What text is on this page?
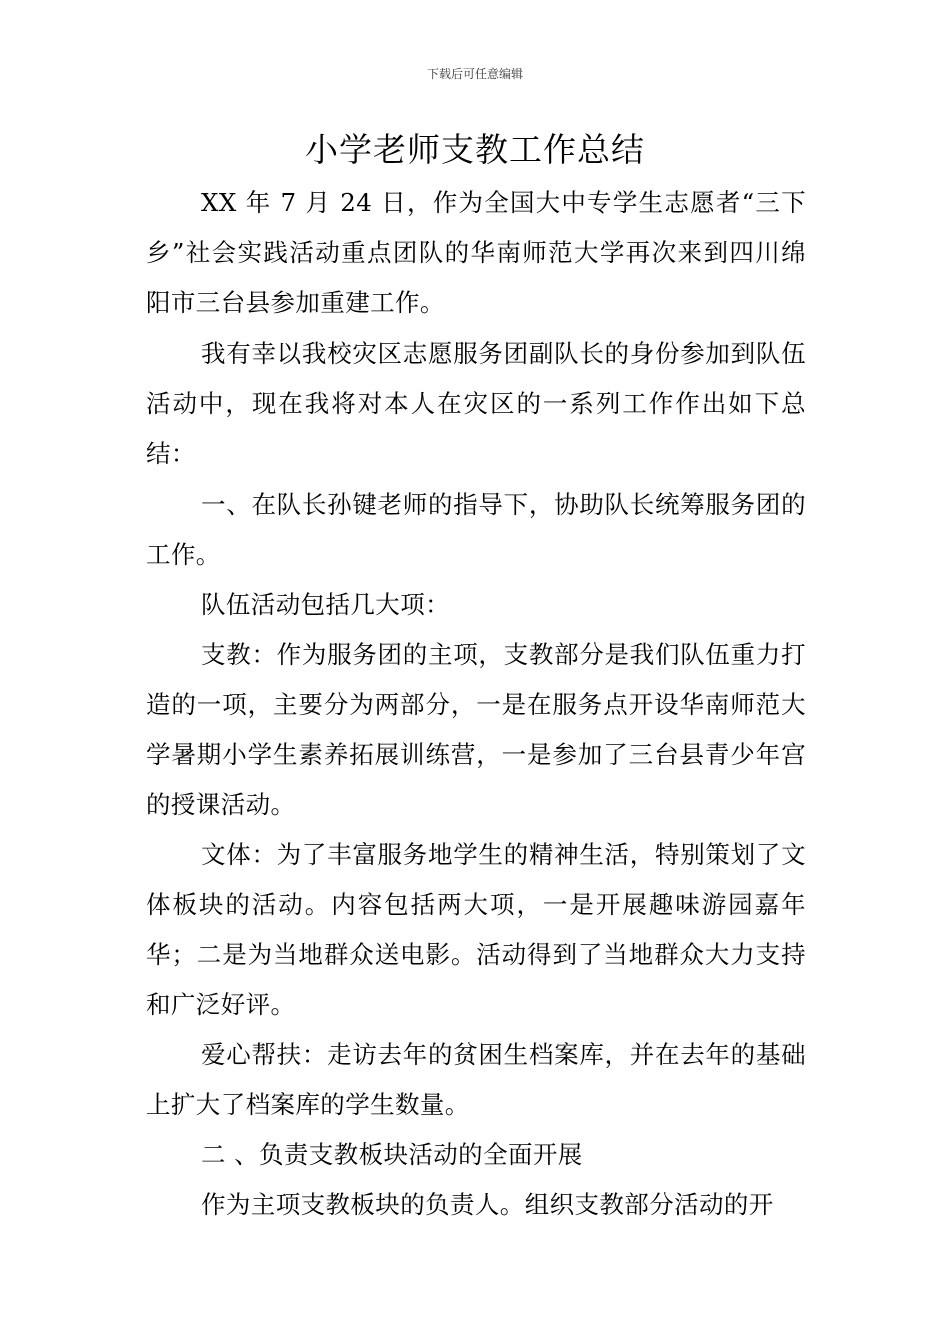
下载后可任意编辑
小学老师支教工作总结

XX 年 7 月 24 日，作为全国大中专学生志愿者“三下乡”社会实践活动重点团队的华南师范大学再次来到四川绵阳市三台县参加重建工作。

我有幸以我校灾区志愿服务团副队长的身份参加到队伍活动中，现在我将对本人在灾区的一系列工作作出如下总结：

一、在队长孙键老师的指导下，协助队长统筹服务团的工作。

队伍活动包括几大项：

支教：作为服务团的主项，支教部分是我们队伍重力打造的一项，主要分为两部分，一是在服务点开设华南师范大学暑期小学生素养拓展训练营，一是参加了三台县青少年宫的授课活动。

文体：为了丰富服务地学生的精神生活，特别策划了文体板块的活动。内容包括两大项，一是开展趣味游园嘉年华；二是为当地群众送电影。活动得到了当地群众大力支持和广泛好评。

爱心帮扶：走访去年的贫困生档案库，并在去年的基础上扩大了档案库的学生数量。

二 、负责支教板块活动的全面开展

作为主项支教板块的负责人。组织支教部分活动的开
